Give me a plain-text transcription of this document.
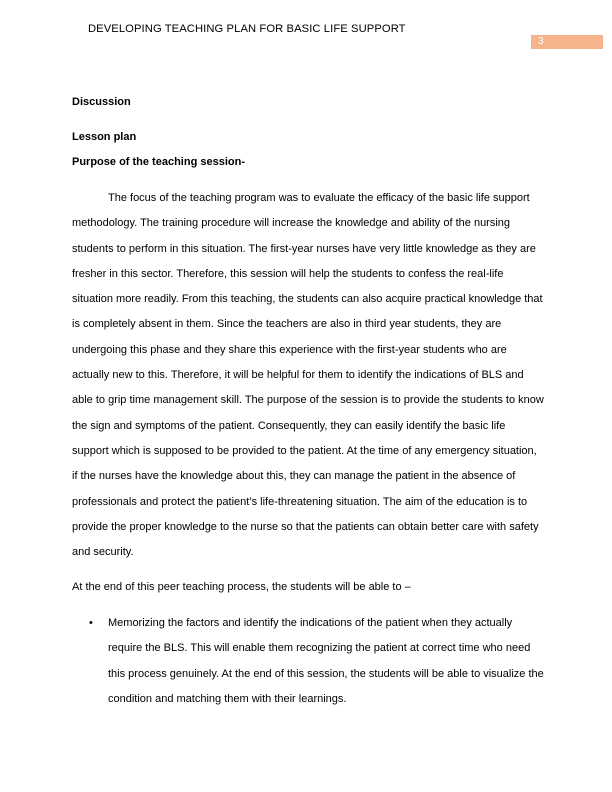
DEVELOPING TEACHING PLAN FOR BASIC LIFE SUPPORT
3
Discussion
Lesson plan
Purpose of the teaching session-

The focus of the teaching program was to evaluate the efficacy of the basic life support methodology. The training procedure will increase the knowledge and ability of the nursing students to perform in this situation. The first-year nurses have very little knowledge as they are fresher in this sector. Therefore, this session will help the students to confess the real-life situation more readily. From this teaching, the students can also acquire practical knowledge that is completely absent in them. Since the teachers are also in third year students, they are undergoing this phase and they share this experience with the first-year students who are actually new to this. Therefore, it will be helpful for them to identify the indications of BLS and able to grip time management skill. The purpose of the session is to provide the students to know the sign and symptoms of the patient. Consequently, they can easily identify the basic life support which is supposed to be provided to the patient. At the time of any emergency situation, if the nurses have the knowledge about this, they can manage the patient in the absence of professionals and protect the patient’s life-threatening situation. The aim of the education is to provide the proper knowledge to the nurse so that the patients can obtain better care with safety and security.

At the end of this peer teaching process, the students will be able to –
• Memorizing the factors and identify the indications of the patient when they actually require the BLS. This will enable them recognizing the patient at correct time who need this process genuinely. At the end of this session, the students will be able to visualize the condition and matching them with their learnings.
